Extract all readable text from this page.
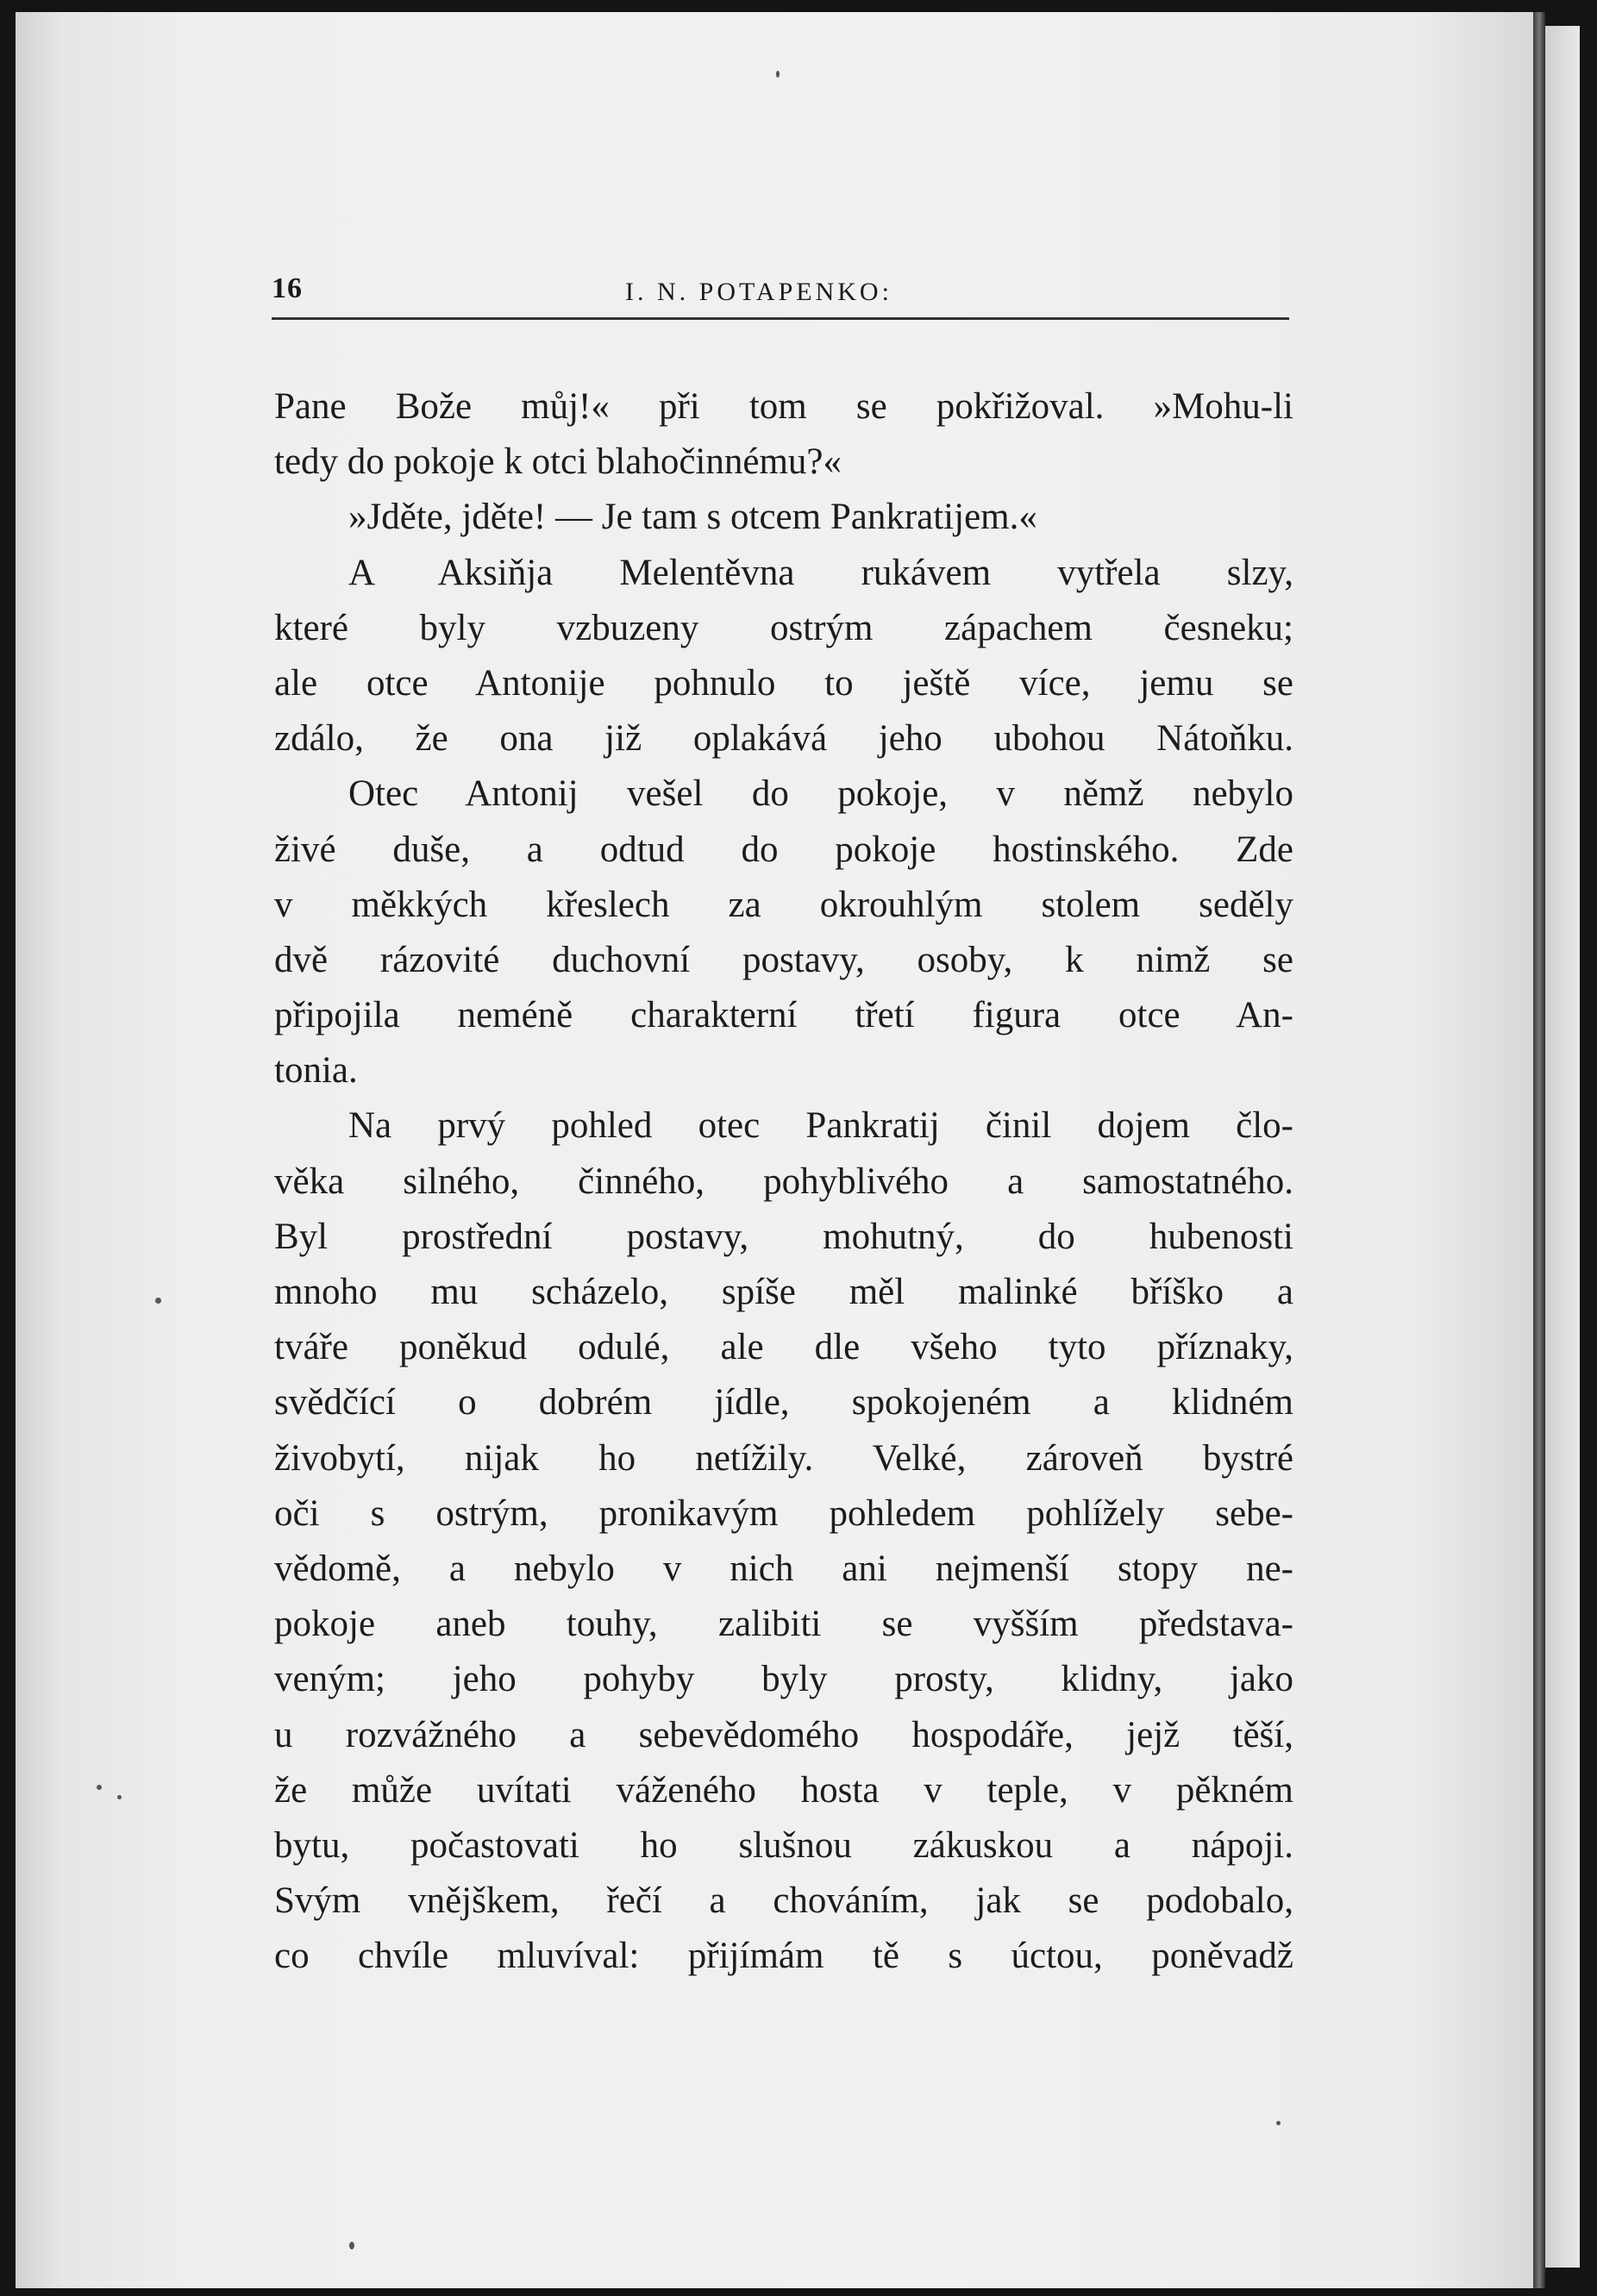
16	I. N. POTAPENKO:
Pane Bože můj!« při tom se pokřižoval. »Mohu-li
tedy do pokoje k otci blahočinnému?«
»Jděte, jděte! — Je tam s otcem Pankratijem.«
A Aksiňja Melentěvna rukávem vytřela slzy,
které byly vzbuzeny ostrým zápachem česneku;
ale otce Antonije pohnulo to ještě více, jemu se
zdálo, že ona již oplakává jeho ubohou Nátoňku.
Otec Antonij vešel do pokoje, v němž nebylo
živé duše, a odtud do pokoje hostinského. Zde
v měkkých křeslech za okrouhlým stolem seděly
dvě rázovité duchovní postavy, osoby, k nimž se
připojila neméně charakterní třetí figura otce An-
tonia.
Na prvý pohled otec Pankratij činil dojem člo-
věka silného, činného, pohyblivého a samostatného.
Byl prostřední postavy, mohutný, do hubenosti
mnoho mu scházelo, spíše měl malinké bříško a
tváře poněkud odulé, ale dle všeho tyto příznaky,
svědčící o dobrém jídle, spokojeném a klidném
živobytí, nijak ho netížily. Velké, zároveň bystré
oči s ostrým, pronikavým pohledem pohlížely sebe-
vědomě, a nebylo v nich ani nejmenší stopy ne-
pokoje aneb touhy, zalibiti se vyšším představa-
veným; jeho pohyby byly prosty, klidny, jako
u rozvážného a sebevědomého hospodáře, jejž těší,
že může uvítati váženého hosta v teple, v pěkném
bytu, počastovati ho slušnou zákuskou a nápoji.
Svým vnějškem, řečí a chováním, jak se podobalo,
co chvíle mluvíval: přijímám tě s úctou, poněvadž
